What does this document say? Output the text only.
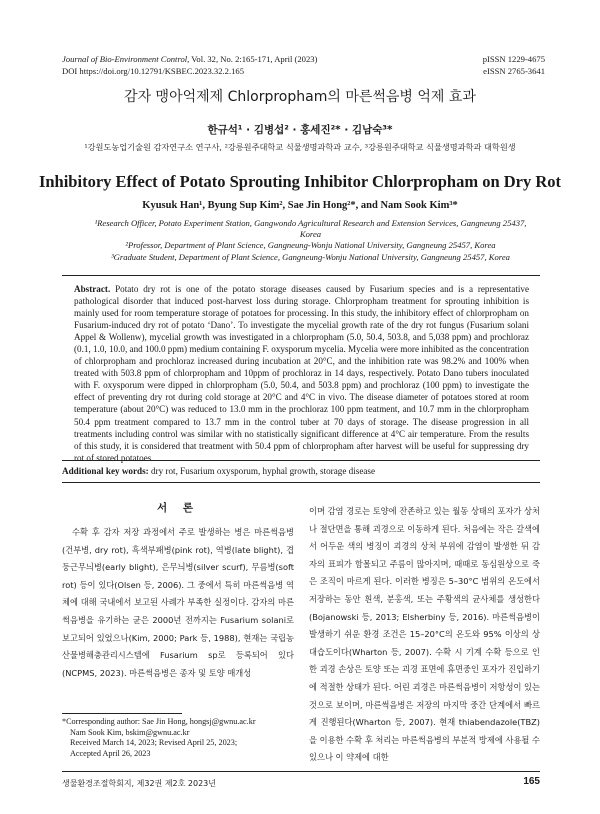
Journal of Bio-Environment Control, Vol. 32, No. 2:165-171, April (2023)
DOI https://doi.org/10.12791/KSBEC.2023.32.2.165
pISSN 1229-4675
eISSN 2765-3641
감자 맹아억제제 Chlorpropham의 마른썩음병 억제 효과
한규석¹ · 김병섭² · 홍세진²* · 김남숙³*
¹강원도농업기술원 감자연구소 연구사, ²강릉원주대학교 식물생명과학과 교수, ³강릉원주대학교 식물생명과학과 대학원생
Inhibitory Effect of Potato Sprouting Inhibitor Chlorpropham on Dry Rot
Kyusuk Han¹, Byung Sup Kim², Sae Jin Hong²*, and Nam Sook Kim³*
¹Research Officer, Potato Experiment Station, Gangwondo Agricultural Research and Extension Services, Gangneung 25437, Korea
²Professor, Department of Plant Science, Gangneung-Wonju National University, Gangneung 25457, Korea
³Graduate Student, Department of Plant Science, Gangneung-Wonju National University, Gangneung 25457, Korea
Abstract. Potato dry rot is one of the potato storage diseases caused by Fusarium species and is a representative pathological disorder that induced post-harvest loss during storage. Chlorpropham treatment for sprouting inhibition is mainly used for room temperature storage of potatoes for processing. In this study, the inhibitory effect of chlorpropham on Fusarium-induced dry rot of potato ‘Dano’. To investigate the mycelial growth rate of the dry rot fungus (Fusarium solani Appel & Wollenw), mycelial growth was investigated in a chlorpropham (5.0, 50.4, 503.8, and 5,038 ppm) and prochloraz (0.1, 1.0, 10.0, and 100.0 ppm) medium containing F. oxysporum mycelia. Mycelia were more inhibited as the concentration of chlorpropham and prochloraz increased during incubation at 20°C, and the inhibition rate was 98.2% and 100% when treated with 503.8 ppm of chlorpropham and 10ppm of prochloraz in 14 days, respectively. Potato Dano tubers inoculated with F. oxysporum were dipped in chlorpropham (5.0, 50.4, and 503.8 ppm) and prochloraz (100 ppm) to investigate the effect of preventing dry rot during cold storage at 20°C and 4°C in vivo. The disease diameter of potatoes stored at room temperature (about 20°C) was reduced to 13.0 mm in the prochloraz 100 ppm teatment, and 10.7 mm in the chlorpropham 50.4 ppm treatment compared to 13.7 mm in the control tuber at 70 days of storage. The disease progression in all treatments including control was similar with no statistically significant difference at 4°C air temperature. From the results of this study, it is considered that treatment with 50.4 ppm of chlorpropham after harvest will be useful for suppressing dry rot of stored potatoes.
Additional key words: dry rot, Fusarium oxysporum, hyphal growth, storage disease
서 론
수확 후 감자 저장 과정에서 주로 발생하는 병은 마른썩음병(건부병, dry rot), 흑색부패병(pink rot), 역병(late blight), 겹둥근무늬병(early blight), 은무늬병(silver scurf), 무름병(soft rot) 등이 있다(Olsen 등, 2006). 그 중에서 특히 마른썩음병 역체에 대해 국내에서 보고된 사례가 부족한 실정이다. 감자의 마른썩음병을 유기하는 균은 2000년 전까지는 Fusarium solani로 보고되어 있었으나(Kim, 2000; Park 등, 1988), 현재는 국립농산물병해충관리시스템에 Fusarium sp로 등록되어 있다(NCPMS, 2023). 마른썩음병은 종자 및 토양 매개성
이며 감염 경로는 토양에 잔존하고 있는 월동 상태의 포자가 상처나 절단면을 통해 괴경으로 이동하게 된다. 처음에는 작은 갈색에서 어두운 색의 병징이 괴경의 상처 부위에 감염이 발생한 뒤 감자의 표피가 함몰되고 주름이 많아지며, 때때로 동심원상으로 죽은 조직이 마르게 된다. 이러한 병징은 5–30°C 범위의 온도에서 저장하는 동안 흰색, 분홍색, 또는 주황색의 균사체를 생성한다(Bojanowski 등, 2013; Elsherbiny 등, 2016). 마른썩음병이 발생하기 쉬운 환경 조건은 15–20°C의 온도와 95% 이상의 상대습도이다(Wharton 등, 2007). 수확 시 기계 수확 등으로 인한 괴경 손상은 토양 또는 괴경 표면에 휴면중인 포자가 진입하기에 적절한 상태가 된다. 어린 괴경은 마른썩음병이 저항성이 있는 것으로 보이며, 마른썩음병은 저장의 마지막 중간 단계에서 빠르게 진행된다(Wharton 등, 2007). 현재 thiabendazole(TBZ)을 이용한 수확 후 처리는 마른썩음병의 부분적 방제에 사용될 수 있으나 이 약제에 대한
*Corresponding author: Sae Jin Hong, hongsj@gwnu.ac.kr
Nam Sook Kim, bskim@gwnu.ac.kr
Received March 14, 2023; Revised April 25, 2023;
Accepted April 26, 2023
생물환경조절학회지, 제32권 제2호 2023년	165
